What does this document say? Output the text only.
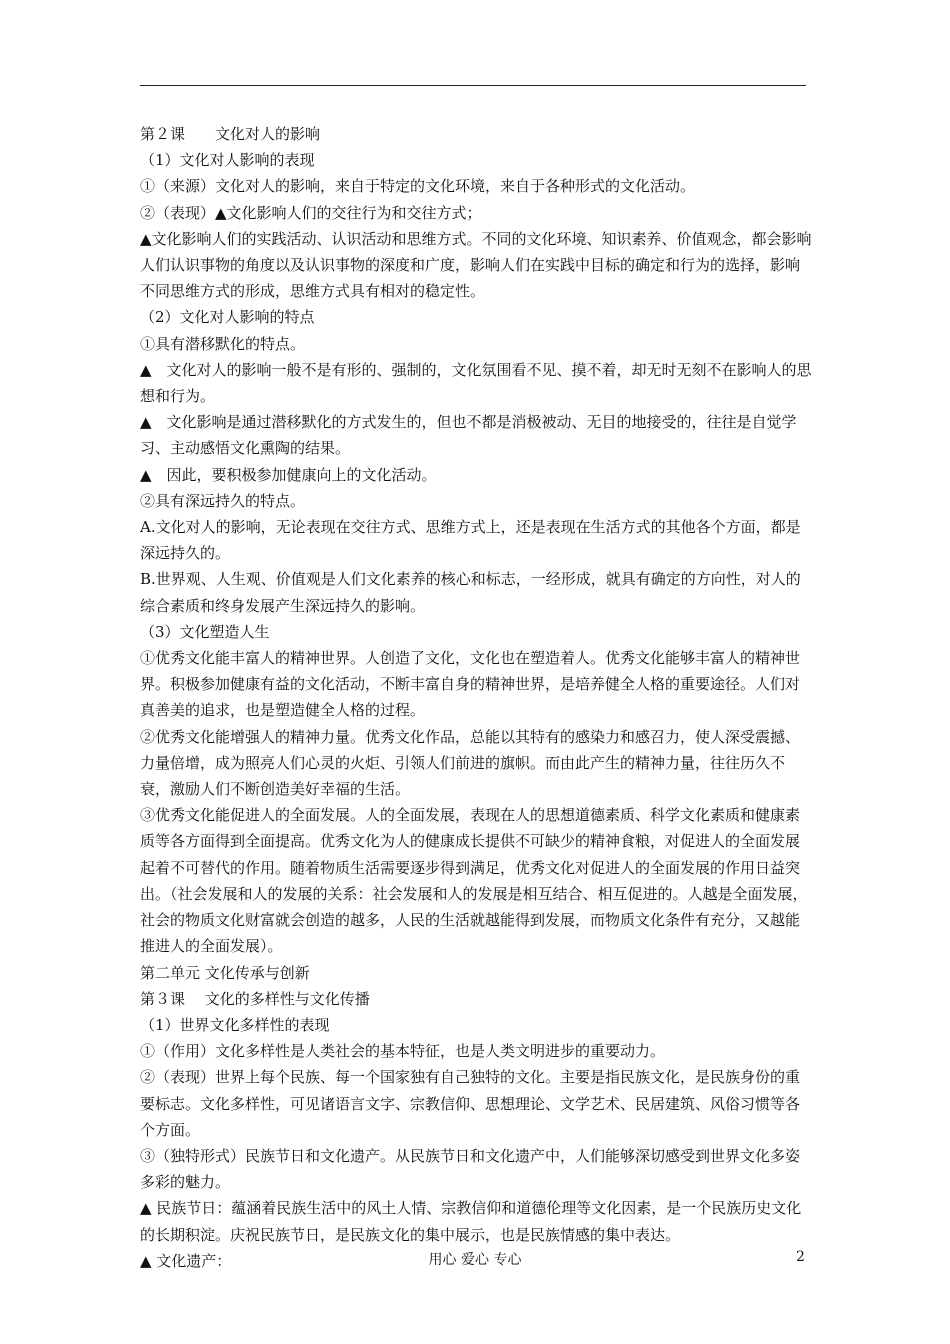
第２课　　文化对人的影响

（1）文化对人影响的表现

①（来源）文化对人的影响，来自于特定的文化环境，来自于各种形式的文化活动。

②（表现）▲文化影响人们的交往行为和交往方式；

▲文化影响人们的实践活动、认识活动和思维方式。不同的文化环境、知识素养、价值观念，都会影响人们认识事物的角度以及认识事物的深度和广度，影响人们在实践中目标的确定和行为的选择，影响不同思维方式的形成，思维方式具有相对的稳定性。

（2）文化对人影响的特点

①具有潜移默化的特点。

▲　文化对人的影响一般不是有形的、强制的，文化氛围看不见、摸不着，却无时无刻不在影响人的思想和行为。

▲　文化影响是通过潜移默化的方式发生的，但也不都是消极被动、无目的地接受的，往往是自觉学习、主动感悟文化熏陶的结果。

▲　因此，要积极参加健康向上的文化活动。

②具有深远持久的特点。

A.文化对人的影响，无论表现在交往方式、思维方式上，还是表现在生活方式的其他各个方面，都是深远持久的。

B.世界观、人生观、价值观是人们文化素养的核心和标志，一经形成，就具有确定的方向性，对人的综合素质和终身发展产生深远持久的影响。

（3）文化塑造人生

①优秀文化能丰富人的精神世界。人创造了文化，文化也在塑造着人。优秀文化能够丰富人的精神世界。积极参加健康有益的文化活动，不断丰富自身的精神世界，是培养健全人格的重要途径。人们对真善美的追求，也是塑造健全人格的过程。

②优秀文化能增强人的精神力量。优秀文化作品，总能以其特有的感染力和感召力，使人深受震撼、力量倍增，成为照亮人们心灵的火炬、引领人们前进的旗帜。而由此产生的精神力量，往往历久不衰，激励人们不断创造美好幸福的生活。

③优秀文化能促进人的全面发展。人的全面发展，表现在人的思想道德素质、科学文化素质和健康素质等各方面得到全面提高。优秀文化为人的健康成长提供不可缺少的精神食粮，对促进人的全面发展起着不可替代的作用。随着物质生活需要逐步得到满足，优秀文化对促进人的全面发展的作用日益突出。（社会发展和人的发展的关系：社会发展和人的发展是相互结合、相互促进的。人越是全面发展，社会的物质文化财富就会创造的越多，人民的生活就越能得到发展，而物质文化条件有充分，又越能推进人的全面发展）。

第二单元 文化传承与创新

第３课　 文化的多样性与文化传播

（1）世界文化多样性的表现

①（作用）文化多样性是人类社会的基本特征，也是人类文明进步的重要动力。

②（表现）世界上每个民族、每一个国家独有自己独特的文化。主要是指民族文化，是民族身份的重要标志。文化多样性，可见诸语言文字、宗教信仰、思想理论、文学艺术、民居建筑、风俗习惯等各个方面。

③（独特形式）民族节日和文化遗产。从民族节日和文化遗产中，人们能够深切感受到世界文化多姿多彩的魅力。

▲ 民族节日：蕴涵着民族生活中的风土人情、宗教信仰和道德伦理等文化因素，是一个民族历史文化的长期积淀。庆祝民族节日，是民族文化的集中展示，也是民族情感的集中表达。

▲ 文化遗产：	用心 爱心 专心	2
